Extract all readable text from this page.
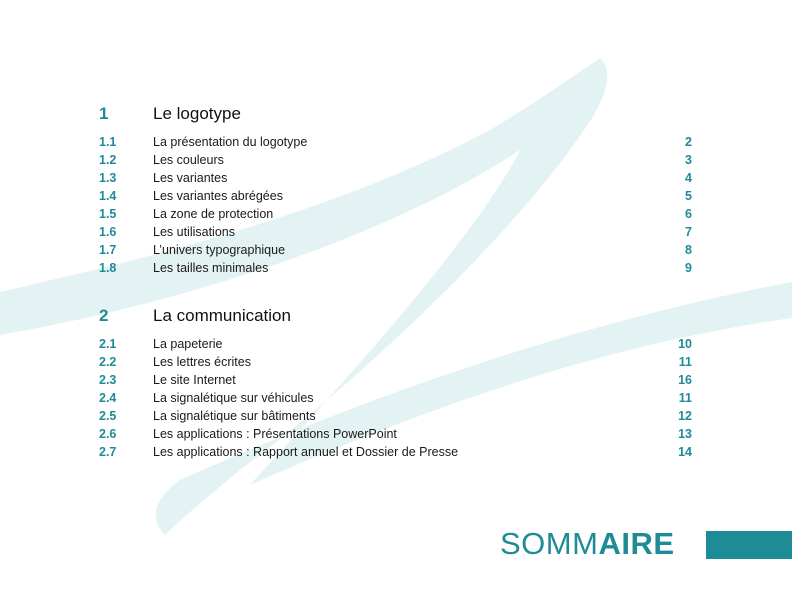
1	Le logotype
1.1	La présentation du logotype	2
1.2	Les couleurs	3
1.3	Les variantes	4
1.4	Les variantes abrégées	5
1.5	La zone de protection	6
1.6	Les utilisations	7
1.7	L’univers typographique	8
1.8	Les tailles minimales	9
2	La communication
2.1	La papeterie	10
2.2	Les lettres écrites	11
2.3	Le site Internet	16
2.4	La signalétique sur véhicules	11
2.5	La signalétique sur bâtiments	12
2.6	Les applications : Présentations PowerPoint	13
2.7	Les applications : Rapport annuel et Dossier de Presse	14
SOMMAIRE
